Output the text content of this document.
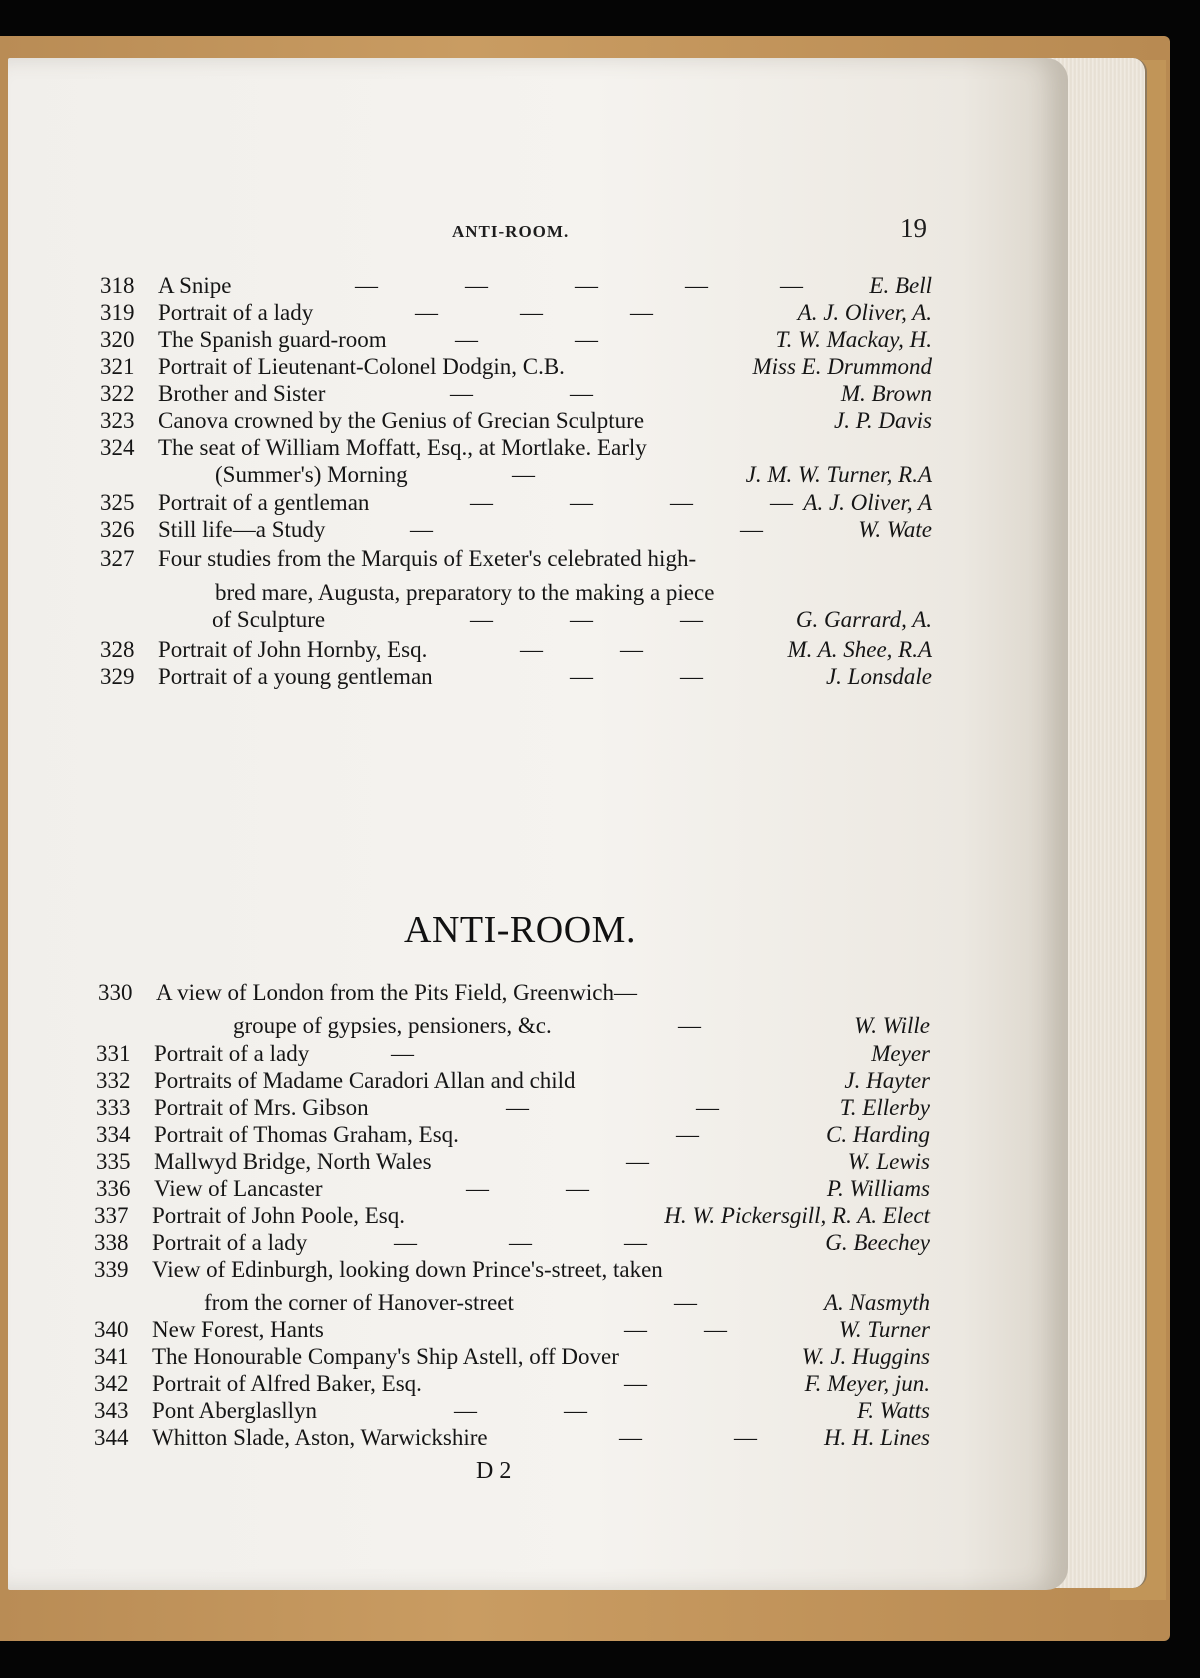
ANTI-ROOM.	19
318	A Snipe	—	—	—	—	—	E. Bell
319	Portrait of a lady	—	—	—	A. J. Oliver, A.
320	The Spanish guard-room	—	—	T. W. Mackay, H.
321	Portrait of Lieutenant-Colonel Dodgin, C.B.	Miss E. Drummond
322	Brother and Sister	—	—	M. Brown
323	Canova crowned by the Genius of Grecian Sculpture	J. P. Davis
324	The seat of William Moffatt, Esq., at Mortlake. Early
(Summer's) Morning	—	J. M. W. Turner, R.A
325	Portrait of a gentleman	—	—	—	— A. J. Oliver, A
326	Still life—a Study	—	—	W. Wate
327	Four studies from the Marquis of Exeter's celebrated high-
bred mare, Augusta, preparatory to the making a piece
of Sculpture	—	—	—	G. Garrard, A.
328	Portrait of John Hornby, Esq.	—	—	M. A. Shee, R.A
329	Portrait of a young gentleman	—	—	J. Lonsdale
ANTI-ROOM.
330	A view of London from the Pits Field, Greenwich—
groupe of gypsies, pensioners, &c.	—	W. Wille
331	Portrait of a lady	—	Meyer
332	Portraits of Madame Caradori Allan and child	J. Hayter
333	Portrait of Mrs. Gibson	—	—	T. Ellerby
334	Portrait of Thomas Graham, Esq.	—	C. Harding
335	Mallwyd Bridge, North Wales	—	W. Lewis
336	View of Lancaster	—	—	P. Williams
337	Portrait of John Poole, Esq.	H. W. Pickersgill, R. A. Elect
338	Portrait of a lady	—	—	—	G. Beechey
339	View of Edinburgh, looking down Prince's-street, taken
from the corner of Hanover-street	—	A. Nasmyth
340	New Forest, Hants	— —	W. Turner
341	The Honourable Company's Ship Astell, off Dover	W. J. Huggins
342	Portrait of Alfred Baker, Esq.	—	F. Meyer, jun.
343	Pont Aberglasllyn	—	—	F. Watts
344	Whitton Slade, Aston, Warwickshire	—	—	H. H. Lines
D 2
